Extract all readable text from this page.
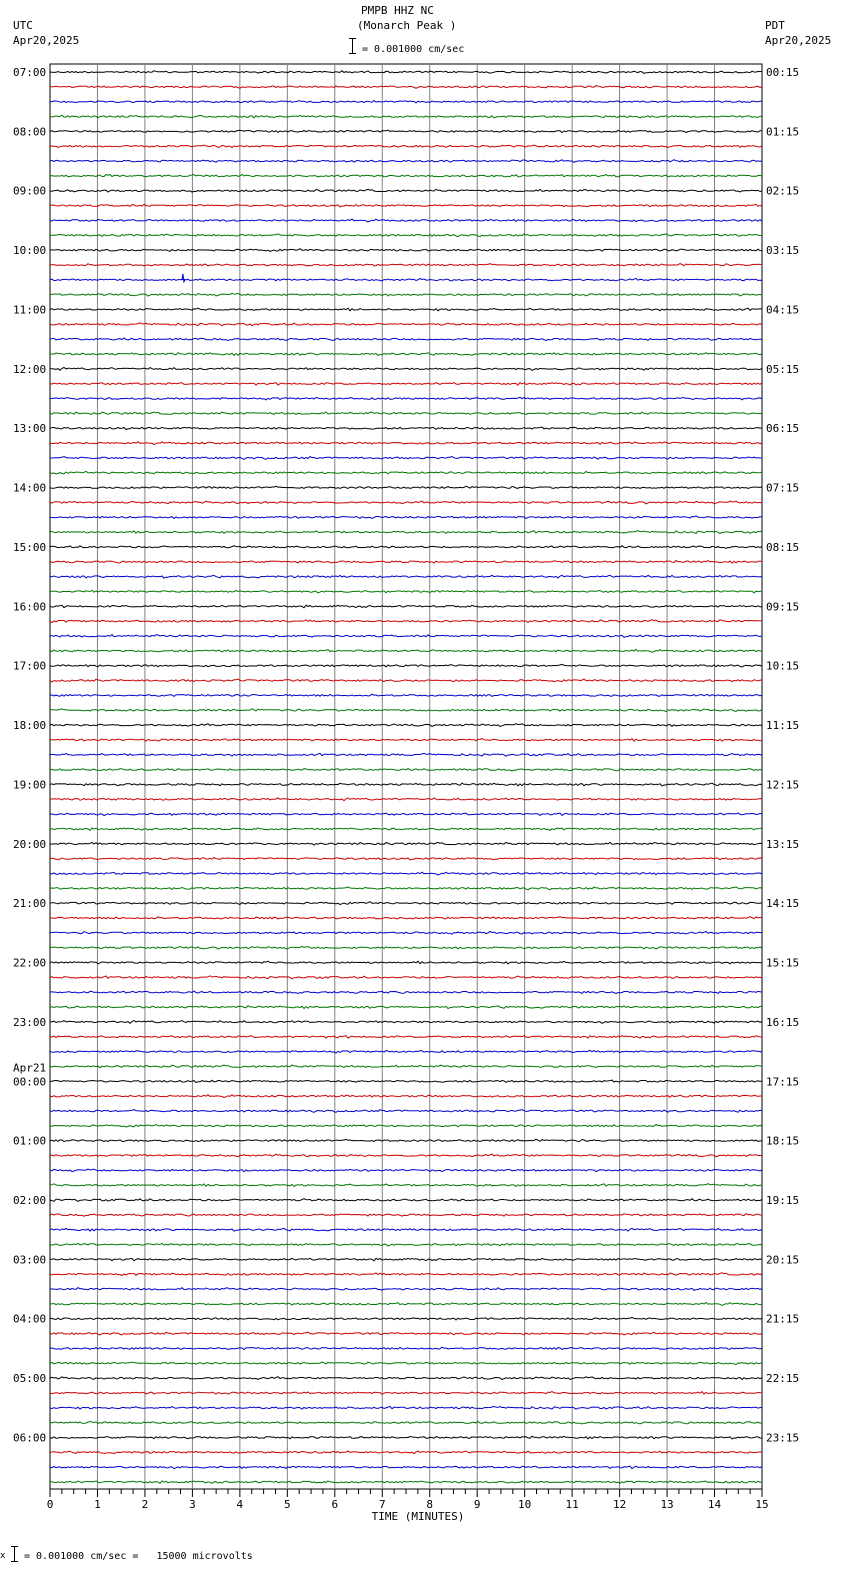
UTC
Apr20,2025
PMPB HHZ NC
(Monarch Peak )
= 0.001000 cm/sec
PDT
Apr20,2025
07:00
08:00
09:00
10:00
11:00
12:00
13:00
14:00
15:00
16:00
17:00
18:00
19:00
20:00
21:00
22:00
23:00
00:00
01:00
02:00
03:00
04:00
05:00
06:00
Apr21
00:15
01:15
02:15
03:15
04:15
05:15
06:15
07:15
08:15
09:15
10:15
11:15
12:15
13:15
14:15
15:15
16:15
17:15
18:15
19:15
20:15
21:15
22:15
23:15
0	1	2	3	4	5	6	7	8	9	10	11	12	13	14	15
TIME (MINUTES)
x = 0.001000 cm/sec =   15000 microvolts
